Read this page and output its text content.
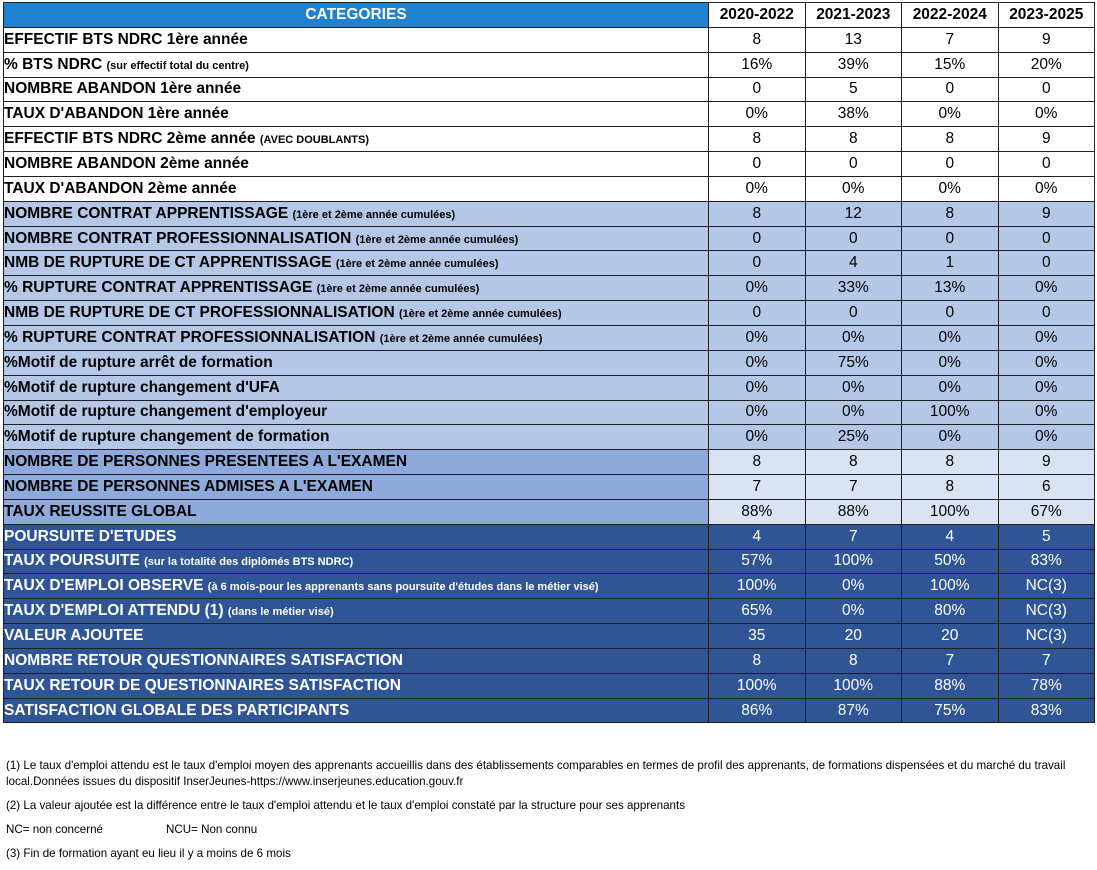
CATEGORIES	2020-2022	2021-2023	2022-2024	2023-2025
EFFECTIF BTS NDRC 1ère année	8	13	7	9
% BTS NDRC (sur effectif total du centre)	16%	39%	15%	20%
NOMBRE ABANDON 1ère année	0	5	0	0
TAUX D'ABANDON 1ère année	0%	38%	0%	0%
EFFECTIF BTS NDRC 2ème année (AVEC DOUBLANTS)	8	8	8	9
NOMBRE ABANDON 2ème année	0	0	0	0
TAUX D'ABANDON 2ème année	0%	0%	0%	0%
NOMBRE CONTRAT APPRENTISSAGE (1ère et 2ème année cumulées)	8	12	8	9
NOMBRE CONTRAT PROFESSIONNALISATION (1ère et 2ème année cumulées)	0	0	0	0
NMB DE RUPTURE DE CT APPRENTISSAGE (1ère et 2ème année cumulées)	0	4	1	0
% RUPTURE CONTRAT APPRENTISSAGE (1ère et 2ème année cumulées)	0%	33%	13%	0%
NMB DE RUPTURE DE CT PROFESSIONNALISATION (1ère et 2ème année cumulées)	0	0	0	0
% RUPTURE CONTRAT PROFESSIONNALISATION (1ère et 2ème année cumulées)	0%	0%	0%	0%
%Motif de rupture arrêt de formation	0%	75%	0%	0%
%Motif de rupture changement d'UFA	0%	0%	0%	0%
%Motif de rupture changement d'employeur	0%	0%	100%	0%
%Motif de rupture changement de formation	0%	25%	0%	0%
NOMBRE DE PERSONNES PRESENTEES A L'EXAMEN	8	8	8	9
NOMBRE DE PERSONNES ADMISES A L'EXAMEN	7	7	8	6
TAUX REUSSITE GLOBAL	88%	88%	100%	67%
POURSUITE D'ETUDES	4	7	4	5
TAUX POURSUITE (sur la totalité des diplômés BTS NDRC)	57%	100%	50%	83%
TAUX D'EMPLOI OBSERVE (à 6 mois-pour les apprenants sans poursuite d'études dans le métier visé)	100%	0%	100%	NC(3)
TAUX D'EMPLOI ATTENDU (1) (dans le métier visé)	65%	0%	80%	NC(3)
VALEUR AJOUTEE	35	20	20	NC(3)
NOMBRE RETOUR QUESTIONNAIRES SATISFACTION	8	8	7	7
TAUX RETOUR DE QUESTIONNAIRES SATISFACTION	100%	100%	88%	78%
SATISFACTION GLOBALE DES PARTICIPANTS	86%	87%	75%	83%

(1) Le taux d'emploi attendu est le taux d'emploi moyen des apprenants accueillis dans des établissements comparables en termes de profil des apprenants, de formations dispensées et du marché du travail local.Données issues du dispositif InserJeunes-https://www.inserjeunes.education.gouv.fr

(2) La valeur ajoutée est la différence entre le taux d'emploi attendu et le taux d'emploi constaté par la structure pour ses apprenants

NC= non concerné	NCU= Non connu

(3) Fin de formation ayant eu lieu il y a moins de 6 mois
